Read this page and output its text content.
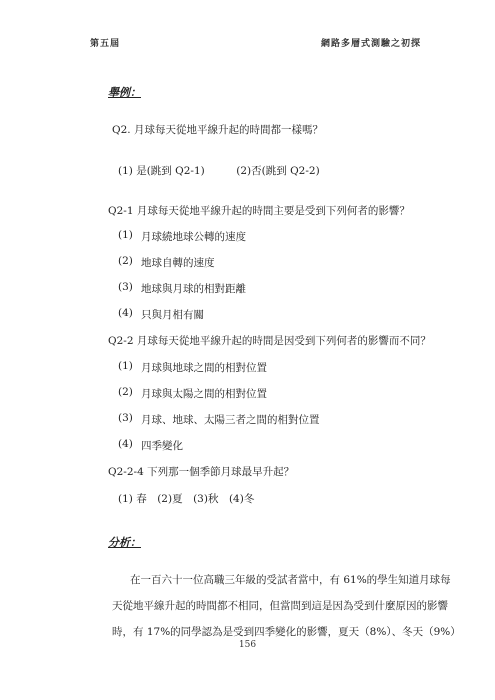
第五屆	網路多層式測驗之初探
舉例：
Q2. 月球每天從地平線升起的時間都一樣嗎？
(1) 是(跳到 Q2-1)　　　(2)否(跳到 Q2-2)
Q2-1 月球每天從地平線升起的時間主要是受到下列何者的影響？
(1) 月球繞地球公轉的速度
(2) 地球自轉的速度
(3) 地球與月球的相對距離
(4) 只與月相有關
Q2-2 月球每天從地平線升起的時間是因受到下列何者的影響而不同？
(1) 月球與地球之間的相對位置
(2) 月球與太陽之間的相對位置
(3) 月球、地球、太陽三者之間的相對位置
(4) 四季變化
Q2-2-4 下列那一個季節月球最早升起？
(1) 春　(2)夏　(3)秋　(4)冬
分析：
在一百六十一位高職三年級的受試者當中，有 61%的學生知道月球每
天從地平線升起的時間都不相同，但當問到這是因為受到什麼原因的影響
時，有 17%的同學認為是受到四季變化的影響，夏天（8%）、冬天（9%）
156
